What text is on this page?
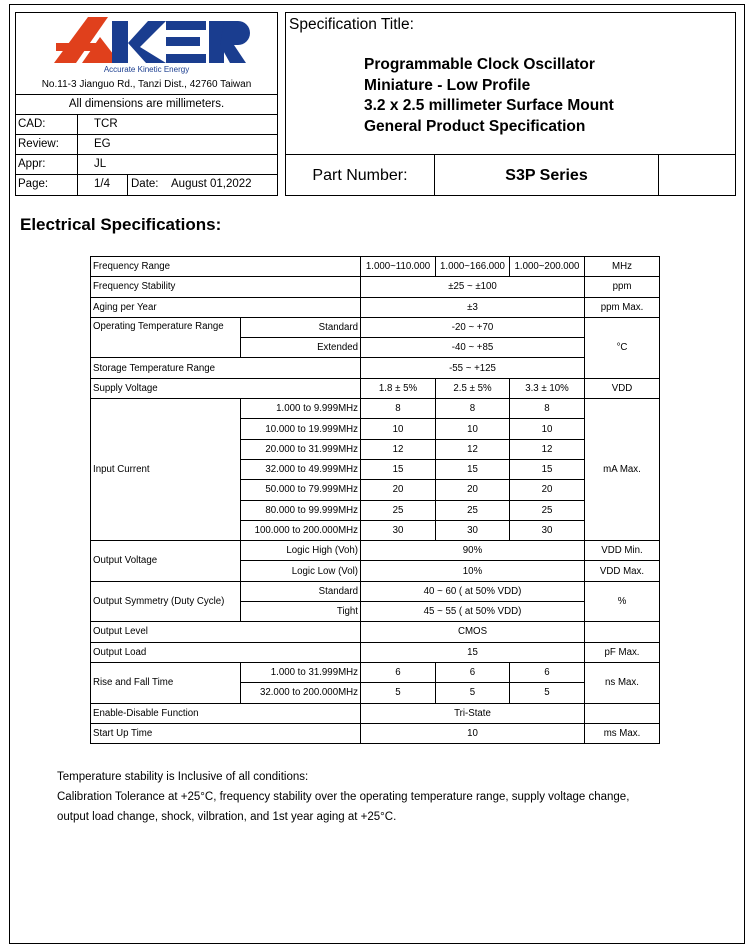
Accurate Kinetic Energy
No.11-3 Jianguo Rd., Tanzi Dist., 42760 Taiwan
All dimensions are millimeters.
CAD:	TCR
Review:	EG
Appr:	JL
Page:	1/4 Date: August 01,2022
Specification Title:
Programmable Clock Oscillator
Miniature - Low Profile
3.2 x 2.5 millimeter Surface Mount
General Product Specification
Part Number:	S3P Series
Electrical Specifications:
Frequency Range		1.000~110.000	1.000~166.000	1.000~200.000	MHz
Frequency Stability		±25 ~ ±100			ppm
Aging per Year		±3			ppm Max.
Operating Temperature Range	Standard	-20 ~ +70			°C
	Extended	-40 ~ +85			
Storage Temperature Range		-55 ~ +125			
Supply Voltage		1.8 ± 5%	2.5 ± 5%	3.3 ± 10%	VDD
Input Current	1.000 to 9.999MHz	8	8	8	mA Max.
	10.000 to 19.999MHz	10	10	10	
	20.000 to 31.999MHz	12	12	12	
	32.000 to 49.999MHz	15	15	15	
	50.000 to 79.999MHz	20	20	20	
	80.000 to 99.999MHz	25	25	25	
	100.000 to 200.000MHz	30	30	30	
Output Voltage	Logic High (Voh)	90%			VDD Min.
	Logic Low (Vol)	10%			VDD Max.
Output Symmetry (Duty Cycle)	Standard	40 ~ 60 ( at 50% VDD)			%
	Tight	45 ~ 55 ( at 50% VDD)			
Output Level		CMOS			
Output Load		15			pF Max.
Rise and Fall Time	1.000 to 31.999MHz	6	6	6	ns Max.
	32.000 to 200.000MHz	5	5	5	
Enable-Disable Function		Tri-State			
Start Up Time		10			ms Max.
Temperature stability is Inclusive of all conditions:
Calibration Tolerance at +25°C, frequency stability over the operating temperature range, supply voltage change,
output load change, shock, vilbration, and 1st year aging at +25°C.
